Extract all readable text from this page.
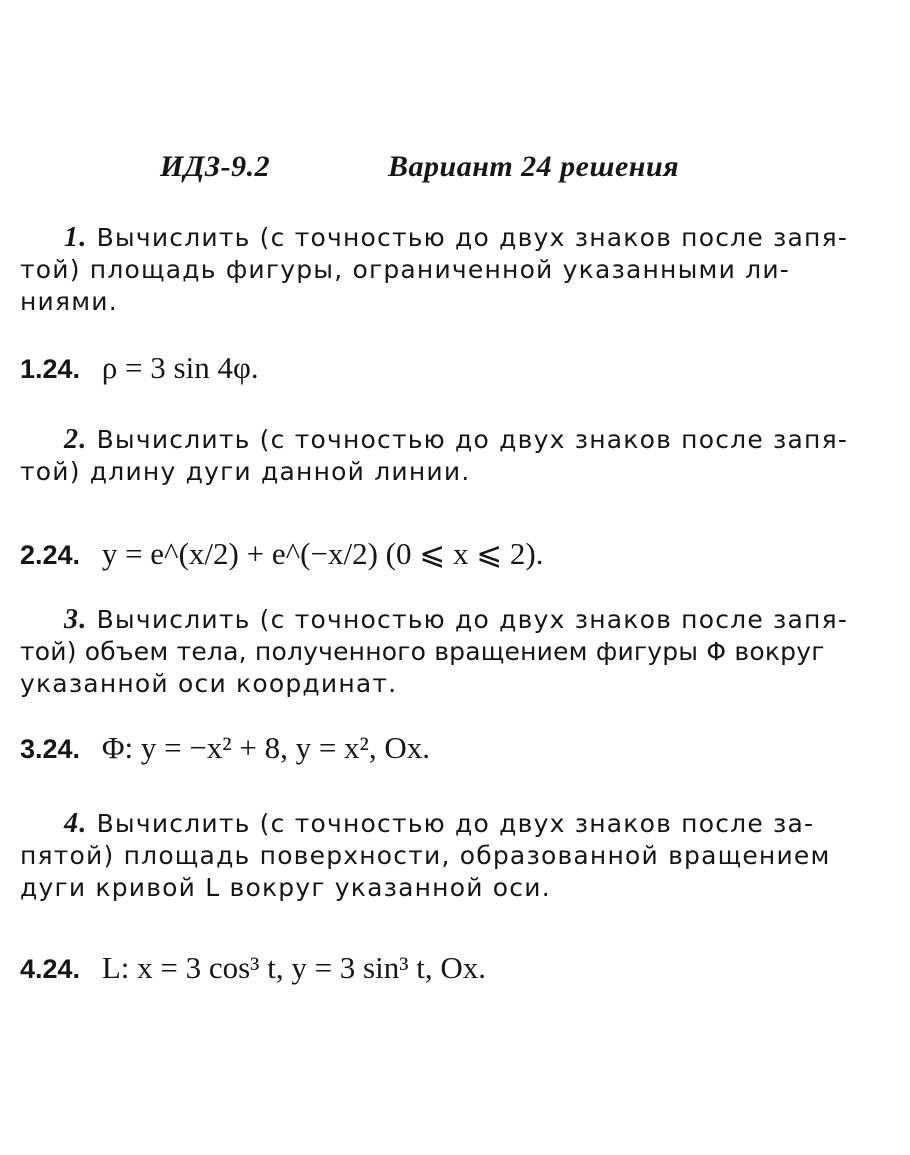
ИДЗ-9.2	Вариант 24 решения
1. Вычислить (с точностью до двух знаков после запя-
той) площадь фигуры, ограниченной указанными ли-
ниями.
1.24. ρ = 3 sin 4φ.
2. Вычислить (с точностью до двух знаков после запя-
той) длину дуги данной линии.
2.24. y = e^(x/2) + e^(−x/2) (0 ⩽ x ⩽ 2).
3. Вычислить (с точностью до двух знаков после запя-
той) объем тела, полученного вращением фигуры Φ вокруг
указанной оси координат.
3.24. Φ: y = −x² + 8, y = x², Ox.
4. Вычислить (с точностью до двух знаков после за-
пятой) площадь поверхности, образованной вращением
дуги кривой L вокруг указанной оси.
4.24. L: x = 3 cos³ t, y = 3 sin³ t, Ox.
